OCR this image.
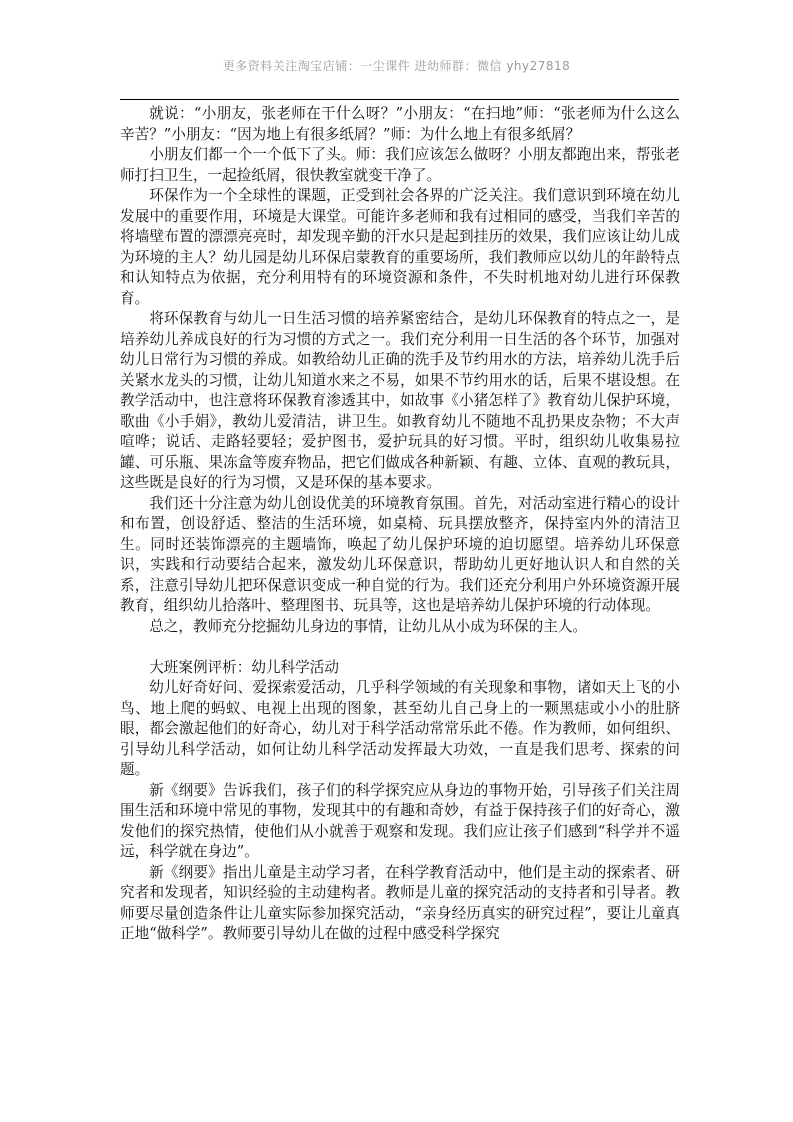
更多资料关注淘宝店铺：一尘课件 进幼师群：微信 yhy27818

就说：“小朋友，张老师在干什么呀？”小朋友：“在扫地”师：“张老师为什么这么辛苦？”小朋友：“因为地上有很多纸屑？”师：为什么地上有很多纸屑？

小朋友们都一个一个低下了头。师：我们应该怎么做呀？小朋友都跑出来，帮张老师打扫卫生，一起捡纸屑，很快教室就变干净了。

环保作为一个全球性的课题，正受到社会各界的广泛关注。我们意识到环境在幼儿发展中的重要作用，环境是大课堂。可能许多老师和我有过相同的感受，当我们辛苦的将墙壁布置的漂漂亮亮时，却发现辛勤的汗水只是起到挂历的效果，我们应该让幼儿成为环境的主人？幼儿园是幼儿环保启蒙教育的重要场所，我们教师应以幼儿的年龄特点和认知特点为依据，充分利用特有的环境资源和条件，不失时机地对幼儿进行环保教育。

将环保教育与幼儿一日生活习惯的培养紧密结合，是幼儿环保教育的特点之一，是培养幼儿养成良好的行为习惯的方式之一。我们充分利用一日生活的各个环节，加强对幼儿日常行为习惯的养成。如教给幼儿正确的洗手及节约用水的方法，培养幼儿洗手后关紧水龙头的习惯，让幼儿知道水来之不易，如果不节约用水的话，后果不堪设想。在教学活动中，也注意将环保教育渗透其中，如故事《小猪怎样了》教育幼儿保护环境，歌曲《小手娟》，教幼儿爱清洁，讲卫生。如教育幼儿不随地不乱扔果皮杂物；不大声喧哗；说话、走路轻要轻；爱护图书，爱护玩具的好习惯。平时，组织幼儿收集易拉罐、可乐瓶、果冻盒等废弃物品，把它们做成各种新颖、有趣、立体、直观的教玩具，这些既是良好的行为习惯，又是环保的基本要求。

我们还十分注意为幼儿创设优美的环境教育氛围。首先，对活动室进行精心的设计和布置，创设舒适、整洁的生活环境，如桌椅、玩具摆放整齐，保持室内外的清洁卫生。同时还装饰漂亮的主题墙饰，唤起了幼儿保护环境的迫切愿望。培养幼儿环保意识，实践和行动要结合起来，激发幼儿环保意识，帮助幼儿更好地认识人和自然的关系，注意引导幼儿把环保意识变成一种自觉的行为。我们还充分利用户外环境资源开展教育，组织幼儿拾落叶、整理图书、玩具等，这也是培养幼儿保护环境的行动体现。

总之，教师充分挖掘幼儿身边的事情，让幼儿从小成为环保的主人。

大班案例评析：幼儿科学活动

幼儿好奇好问、爱探索爱活动，几乎科学领域的有关现象和事物，诸如天上飞的小鸟、地上爬的蚂蚁、电视上出现的图象，甚至幼儿自己身上的一颗黑痣或小小的肚脐眼，都会激起他们的好奇心，幼儿对于科学活动常常乐此不倦。作为教师，如何组织、引导幼儿科学活动，如何让幼儿科学活动发挥最大功效，一直是我们思考、探索的问题。

新《纲要》告诉我们，孩子们的科学探究应从身边的事物开始，引导孩子们关注周围生活和环境中常见的事物，发现其中的有趣和奇妙，有益于保持孩子们的好奇心，激发他们的探究热情，使他们从小就善于观察和发现。我们应让孩子们感到“科学并不遥远，科学就在身边”。

新《纲要》指出儿童是主动学习者，在科学教育活动中，他们是主动的探索者、研究者和发现者，知识经验的主动建构者。教师是儿童的探究活动的支持者和引导者。教师要尽量创造条件让儿童实际参加探究活动，“亲身经历真实的研究过程”，要让儿童真正地“做科学”。教师要引导幼儿在做的过程中感受科学探究
